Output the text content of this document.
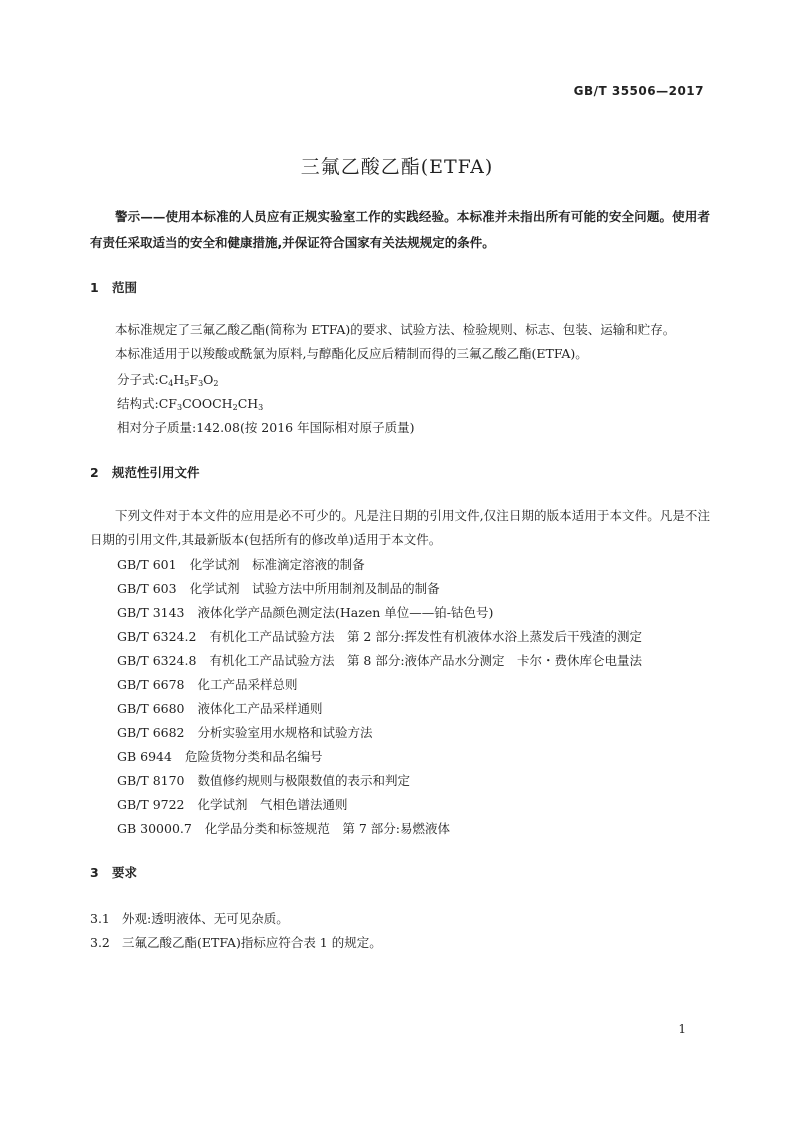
GB/T 35506—2017
三氟乙酸乙酯(ETFA)
警示——使用本标准的人员应有正规实验室工作的实践经验。本标准并未指出所有可能的安全问题。使用者有责任采取适当的安全和健康措施,并保证符合国家有关法规规定的条件。
1 范围
本标准规定了三氟乙酸乙酯(简称为 ETFA)的要求、试验方法、检验规则、标志、包装、运输和贮存。
本标准适用于以羧酸或酰氯为原料,与醇酯化反应后精制而得的三氟乙酸乙酯(ETFA)。
分子式$:C_4H_5F_3O_2$
结构式$:CF_3COOCH_2CH_3$
相对分子质量:142.08(按 2016 年国际相对原子质量)
2 规范性引用文件
下列文件对于本文件的应用是必不可少的。凡是注日期的引用文件,仅注日期的版本适用于本文件。凡是不注日期的引用文件,其最新版本(包括所有的修改单)适用于本文件。
GB/T 601 化学试剂　标准滴定溶液的制备
GB/T 603 化学试剂　试验方法中所用制剂及制品的制备
GB/T 3143 液体化学产品颜色测定法(Hazen 单位——铂-钴色号)
GB/T 6324.2 有机化工产品试验方法　第 2 部分:挥发性有机液体水浴上蒸发后干残渣的测定
GB/T 6324.8 有机化工产品试验方法　第 8 部分:液体产品水分测定　卡尔・费休库仑电量法
GB/T 6678 化工产品采样总则
GB/T 6680 液体化工产品采样通则
GB/T 6682 分析实验室用水规格和试验方法
GB 6944 危险货物分类和品名编号
GB/T 8170 数值修约规则与极限数值的表示和判定
GB/T 9722 化学试剂　气相色谱法通则
GB 30000.7 化学品分类和标签规范　第 7 部分:易燃液体
3 要求
3.1 外观:透明液体、无可见杂质。
3.2 三氟乙酸乙酯(ETFA)指标应符合表 1 的规定。
1
